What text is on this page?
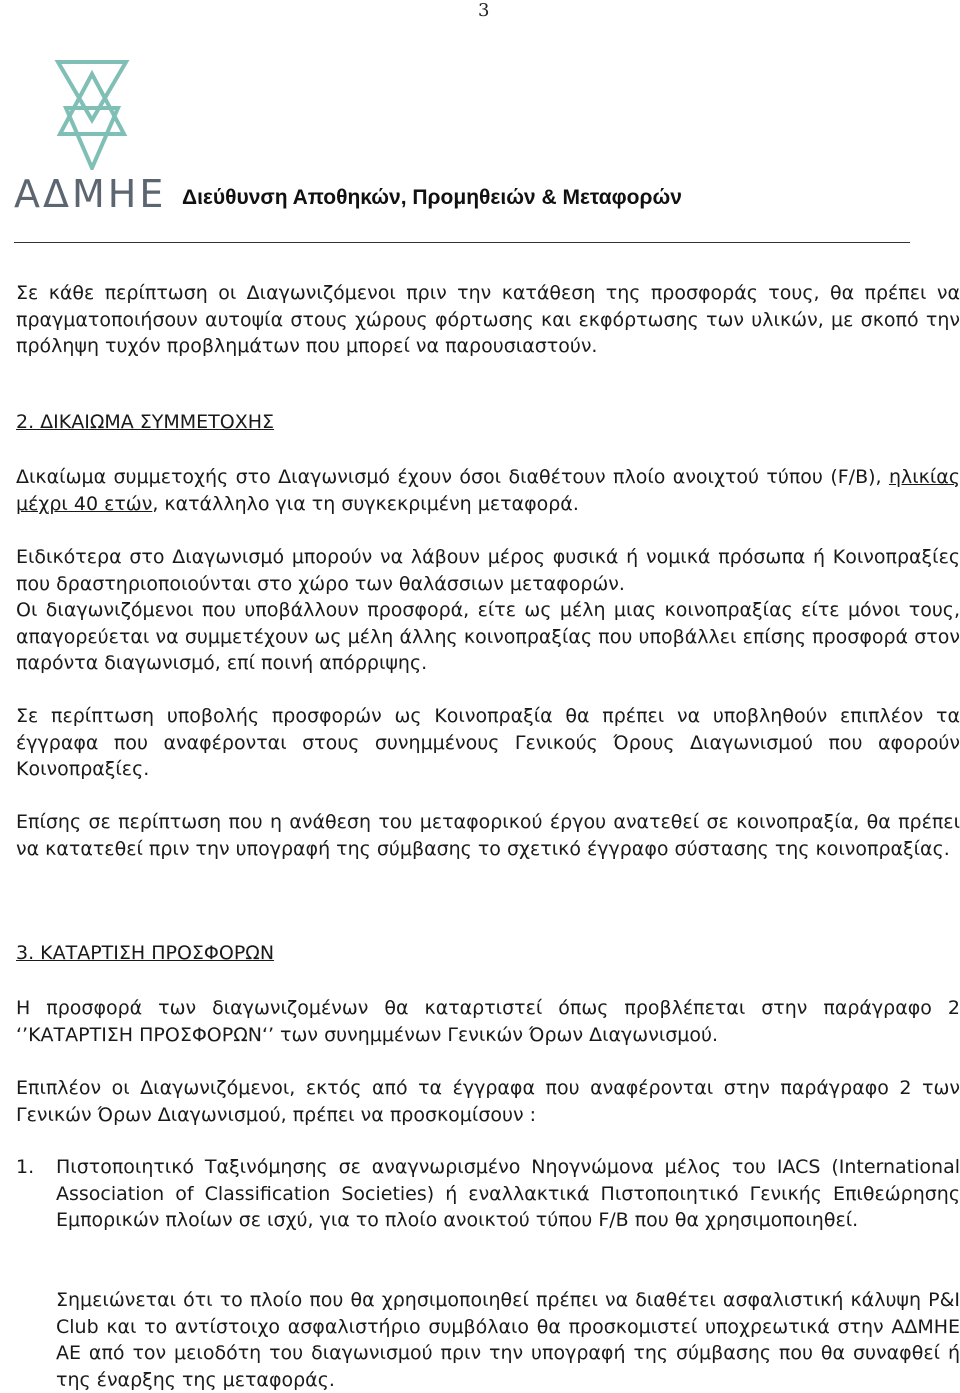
3
ΑΔΜΗΕ Διεύθυνση Αποθηκών, Προμηθειών & Μεταφορών

Σε κάθε περίπτωση οι Διαγωνιζόμενοι πριν την κατάθεση της προσφοράς τους, θα πρέπει να πραγματοποιήσουν αυτοψία στους χώρους φόρτωσης και εκφόρτωσης των υλικών, με σκοπό την πρόληψη τυχόν προβλημάτων που μπορεί να παρουσιαστούν.

2. ΔΙΚΑΙΩΜΑ ΣΥΜΜΕΤΟΧΗΣ

Δικαίωμα συμμετοχής στο Διαγωνισμό έχουν όσοι διαθέτουν πλοίο ανοιχτού τύπου (F/B), ηλικίας μέχρι 40 ετών, κατάλληλο για τη συγκεκριμένη μεταφορά.

Ειδικότερα στο Διαγωνισμό μπορούν να λάβουν μέρος φυσικά ή νομικά πρόσωπα ή Κοινοπραξίες που δραστηριοποιούνται στο χώρο των θαλάσσιων μεταφορών.

Οι διαγωνιζόμενοι που υποβάλλουν προσφορά, είτε ως μέλη μιας κοινοπραξίας είτε μόνοι τους, απαγορεύεται να συμμετέχουν ως μέλη άλλης κοινοπραξίας που υποβάλλει επίσης προσφορά στον παρόντα διαγωνισμό, επί ποινή απόρριψης.

Σε περίπτωση υποβολής προσφορών ως Κοινοπραξία θα πρέπει να υποβληθούν επιπλέον τα έγγραφα που αναφέρονται στους συνημμένους Γενικούς Όρους Διαγωνισμού που αφορούν Κοινοπραξίες.

Επίσης σε περίπτωση που η ανάθεση του μεταφορικού έργου ανατεθεί σε κοινοπραξία, θα πρέπει να κατατεθεί πριν την υπογραφή της σύμβασης το σχετικό έγγραφο σύστασης της κοινοπραξίας.

3. ΚΑΤΑΡΤΙΣΗ ΠΡΟΣΦΟΡΩΝ

Η προσφορά των διαγωνιζομένων θα καταρτιστεί όπως προβλέπεται στην παράγραφο 2 ‘’ΚΑΤΑΡΤΙΣΗ ΠΡΟΣΦΟΡΩΝ‘’ των συνημμένων Γενικών Όρων Διαγωνισμού.

Επιπλέον οι Διαγωνιζόμενοι, εκτός από τα έγγραφα που αναφέρονται στην παράγραφο 2 των Γενικών Όρων Διαγωνισμού, πρέπει να προσκομίσουν :

1. Πιστοποιητικό Ταξινόμησης σε αναγνωρισμένο Νηογνώμονα μέλος του IACS (International Association of Classification Societies) ή εναλλακτικά Πιστοποιητικό Γενικής Επιθεώρησης Εμπορικών πλοίων σε ισχύ, για το πλοίο ανοικτού τύπου F/B που θα χρησιμοποιηθεί.
Σημειώνεται ότι το πλοίο που θα χρησιμοποιηθεί πρέπει να διαθέτει ασφαλιστική κάλυψη P&I Club και το αντίστοιχο ασφαλιστήριο συμβόλαιο θα προσκομιστεί υποχρεωτικά στην ΑΔΜΗΕ ΑΕ από τον μειοδότη του διαγωνισμού πριν την υπογραφή της σύμβασης που θα συναφθεί ή της έναρξης της μεταφοράς.
